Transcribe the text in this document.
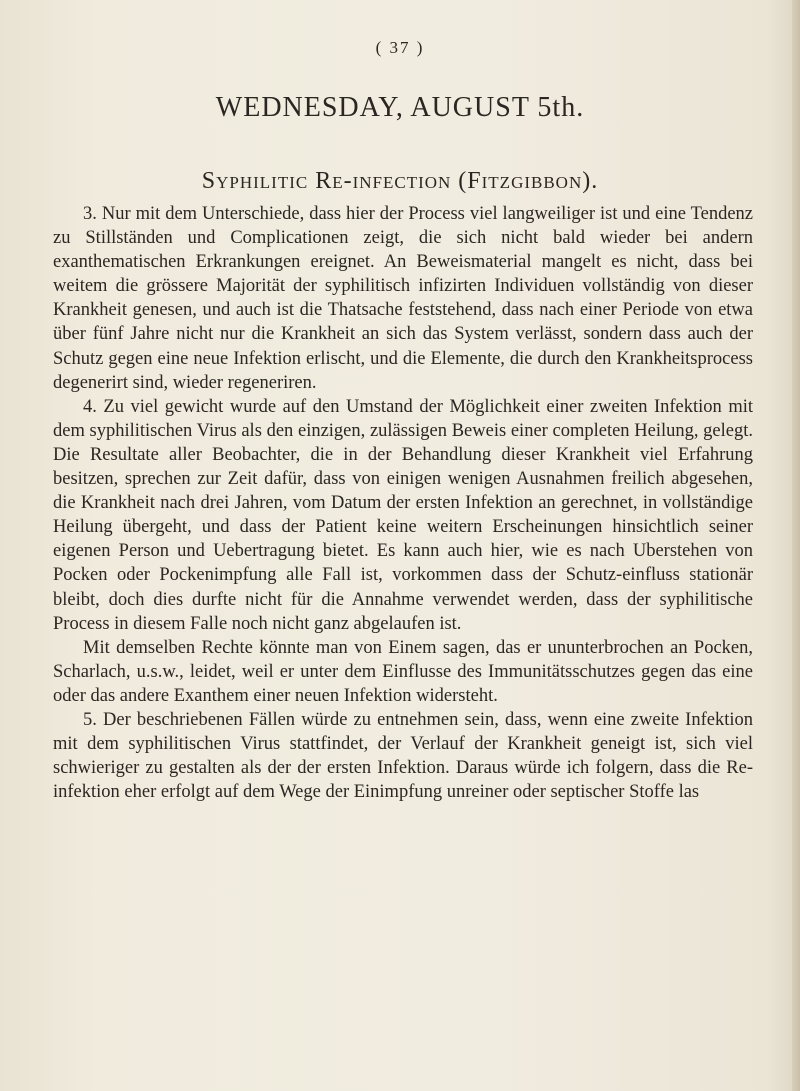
( 37 )
WEDNESDAY, AUGUST 5th.
Syphilitic Re-infection (Fitzgibbon).

3. Nur mit dem Unterschiede, dass hier der Process viel langweiliger ist und eine Tendenz zu Stillständen und Complicationen zeigt, die sich nicht bald wieder bei andern exanthematischen Erkrankungen ereignet. An Beweismaterial mangelt es nicht, dass bei weitem die grössere Majorität der syphilitisch infizirten Individuen vollständig von dieser Krankheit genesen, und auch ist die Thatsache feststehend, dass nach einer Periode von etwa über fünf Jahre nicht nur die Krankheit an sich das System verlässt, sondern dass auch der Schutz gegen eine neue Infektion erlischt, und die Elemente, die durch den Krankheitsprocess degenerirt sind, wieder regeneriren.

4. Zu viel gewicht wurde auf den Umstand der Möglichkeit einer zweiten Infektion mit dem syphilitischen Virus als den einzigen, zulässigen Beweis einer completen Heilung, gelegt. Die Resultate aller Beobachter, die in der Behandlung dieser Krankheit viel Erfahrung besitzen, sprechen zur Zeit dafür, dass von einigen wenigen Ausnahmen freilich abgesehen, die Krankheit nach drei Jahren, vom Datum der ersten Infektion an gerechnet, in vollständige Heilung übergeht, und dass der Patient keine weitern Erscheinungen hinsichtlich seiner eigenen Person und Uebertragung bietet. Es kann auch hier, wie es nach Uberstehen von Pocken oder Pockenimpfung alle Fall ist, vorkommen dass der Schutz-einfluss stationär bleibt, doch dies durfte nicht für die Annahme verwendet werden, dass der syphilitische Process in diesem Falle noch nicht ganz abgelaufen ist.

Mit demselben Rechte könnte man von Einem sagen, das er ununterbrochen an Pocken, Scharlach, u.s.w., leidet, weil er unter dem Einflusse des Immunitätsschutzes gegen das eine oder das andere Exanthem einer neuen Infektion widersteht.

5. Der beschriebenen Fällen würde zu entnehmen sein, dass, wenn eine zweite Infektion mit dem syphilitischen Virus stattfindet, der Verlauf der Krankheit geneigt ist, sich viel schwieriger zu gestalten als der der ersten Infektion. Daraus würde ich folgern, dass die Re-infektion eher erfolgt auf dem Wege der Einimpfung unreiner oder septischer Stoffe las
